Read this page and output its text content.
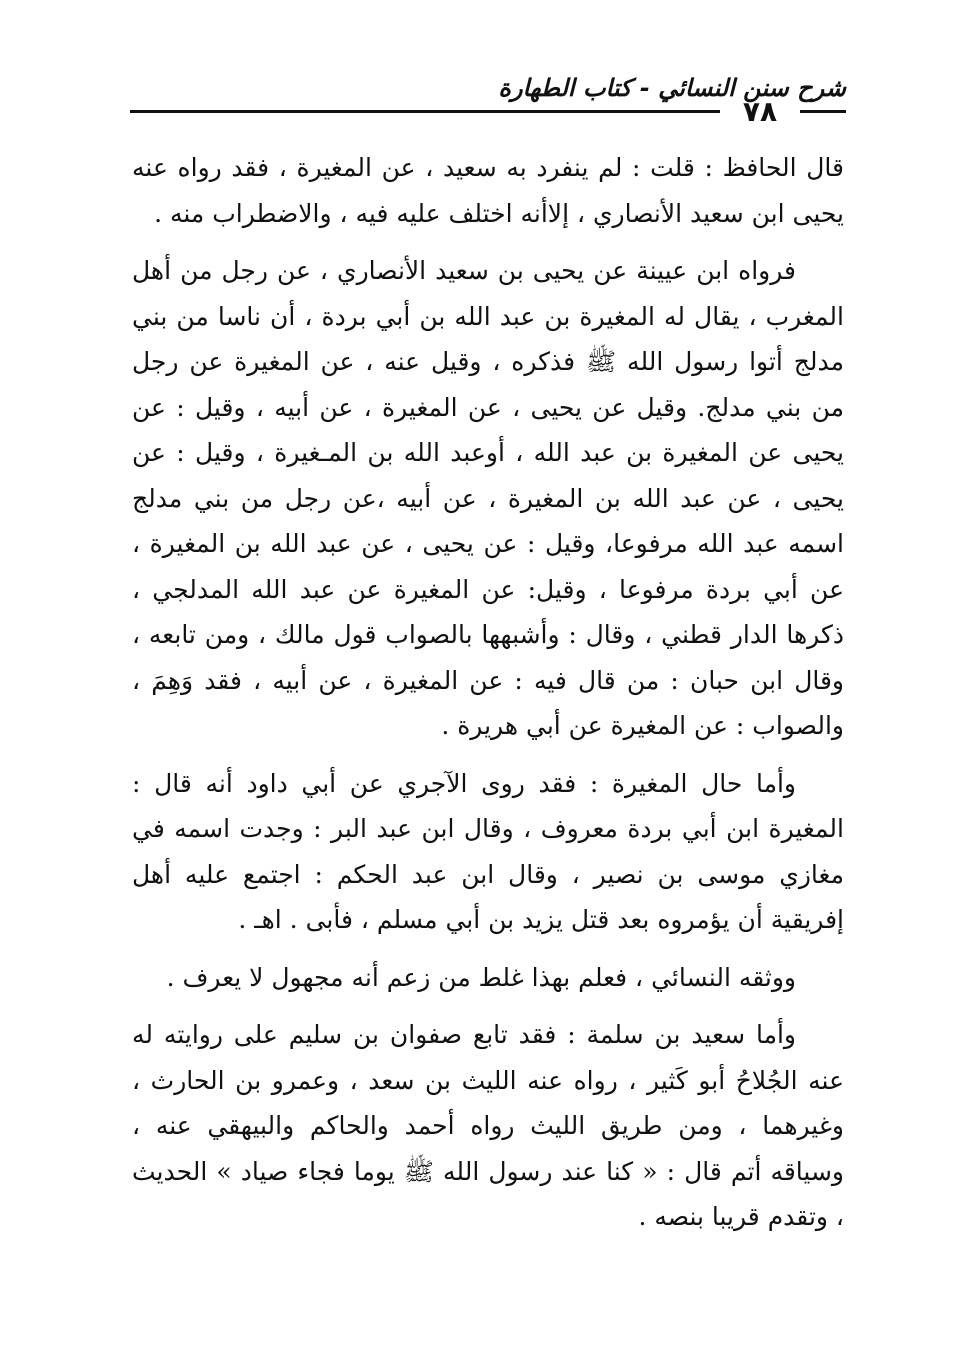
شرح سنن النسائي - كتاب الطهارة
٧٨

قال الحافظ : قلت : لم ينفرد به سعيد ، عن المغيرة ، فقد رواه عنه يحيى ابن سعيد الأنصاري ، إلاأنه اختلف عليه فيه ، والاضطراب منه .

فرواه ابن عيينة عن يحيى بن سعيد الأنصاري ، عن رجل من أهل المغرب ، يقال له المغيرة بن عبد الله بن أبي بردة ، أن ناسا من بني مدلج أتوا رسول الله ﷺ فذكره ، وقيل عنه ، عن المغيرة عن رجل من بني مدلج. وقيل عن يحيى ، عن المغيرة ، عن أبيه ، وقيل : عن يحيى عن المغيرة بن عبد الله ، أوعبد الله بن المـغيرة ، وقيل : عن يحيى ، عن عبد الله بن المغيرة ، عن أبيه ،عن رجل من بني مدلج اسمه عبد الله مرفوعا، وقيل : عن يحيى ، عن عبد الله بن المغيرة ، عن أبي بردة مرفوعا ، وقيل: عن المغيرة عن عبد الله المدلجي ، ذكرها الدار قطني ، وقال : وأشبهها بالصواب قول مالك ، ومن تابعه ، وقال ابن حبان : من قال فيه : عن المغيرة ، عن أبيه ، فقد وَهِمَ ، والصواب : عن المغيرة عن أبي هريرة .

وأما حال المغيرة : فقد روى الآجري عن أبي داود أنه قال : المغيرة ابن أبي بردة معروف ، وقال ابن عبد البر : وجدت اسمه في مغازي موسى بن نصير ، وقال ابن عبد الحكم : اجتمع عليه أهل إفريقية أن يؤمروه بعد قتل يزيد بن أبي مسلم ، فأبى . اهـ .

ووثقه النسائي ، فعلم بهذا غلط من زعم أنه مجهول لا يعرف .

وأما سعيد بن سلمة : فقد تابع صفوان بن سليم على روايته له عنه الجُلاحُ أبو كَثير ، رواه عنه الليث بن سعد ، وعمرو بن الحارث ، وغيرهما ، ومن طريق الليث رواه أحمد والحاكم والبيهقي عنه ، وسياقه أتم قال : « كنا عند رسول الله ﷺ يوما فجاء صياد » الحديث ، وتقدم قريبا بنصه .
